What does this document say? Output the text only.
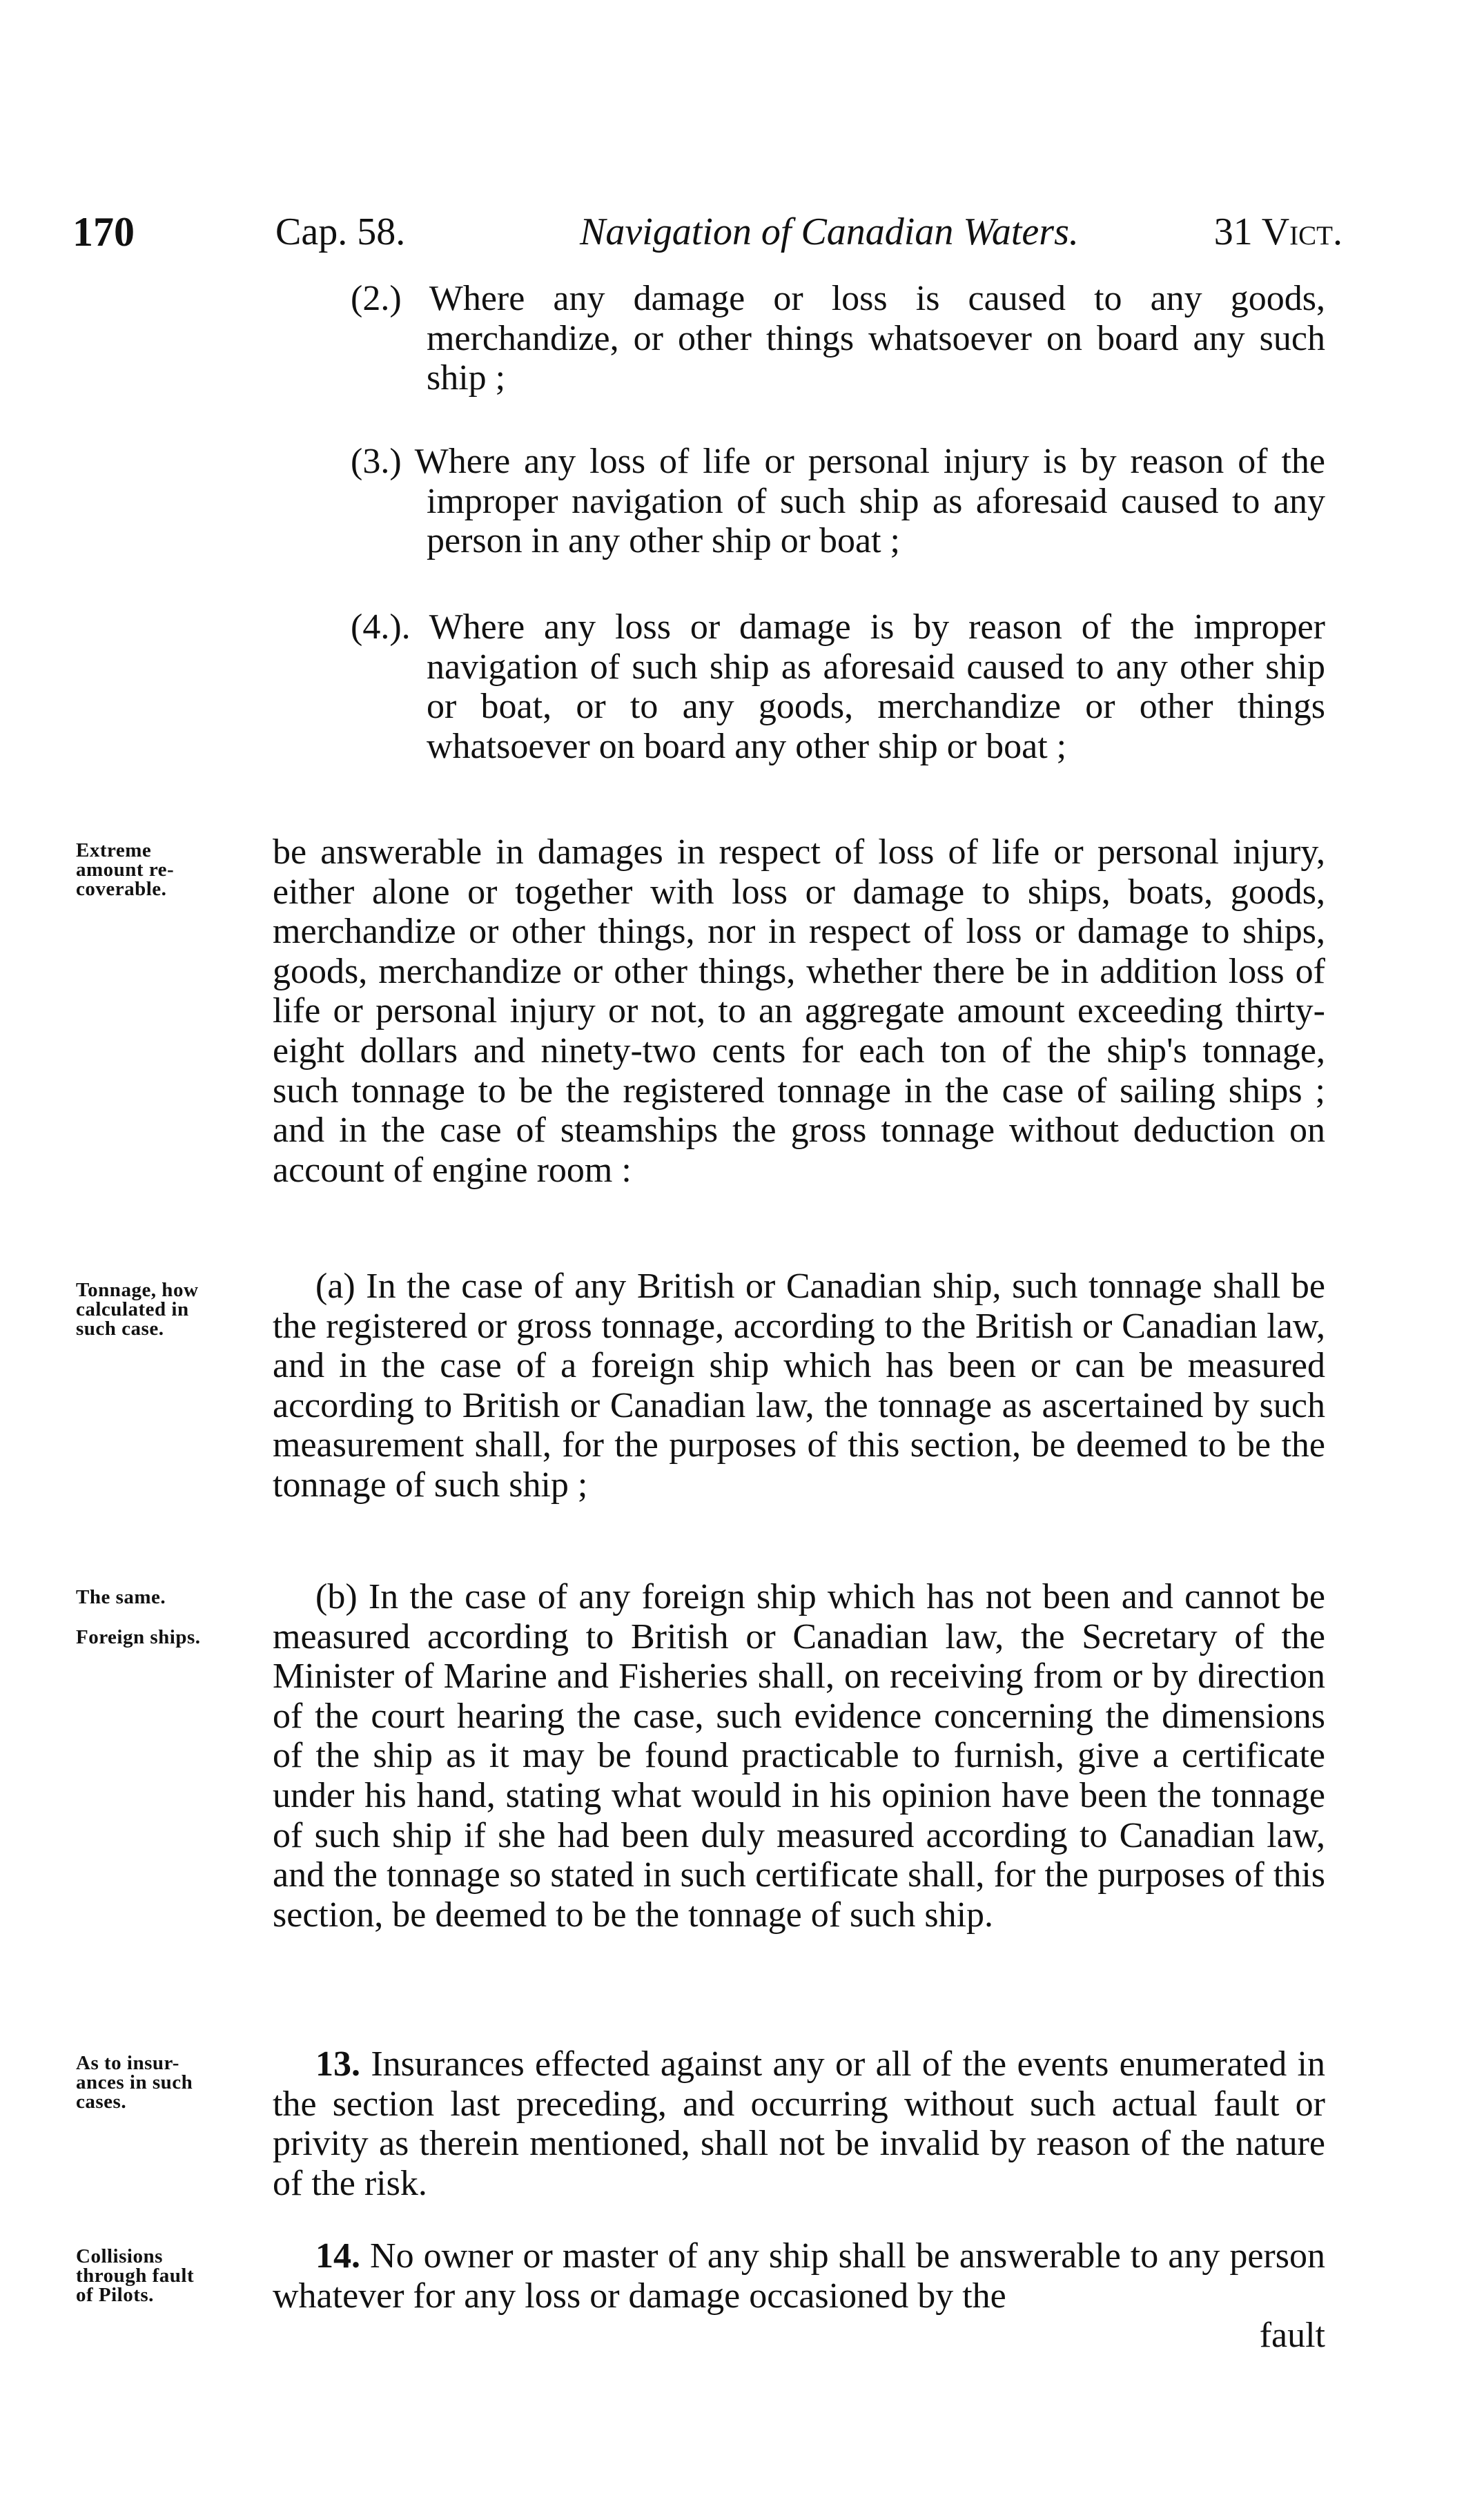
170	Cap. 58.	Navigation of Canadian Waters.	31 Vict.

(2.) Where any damage or loss is caused to any goods, merchandize, or other things whatsoever on board any such ship ;

(3.) Where any loss of life or personal injury is by reason of the improper navigation of such ship as aforesaid caused to any person in any other ship or boat ;

(4.). Where any loss or damage is by reason of the improper navigation of such ship as aforesaid caused to any other ship or boat, or to any goods, merchandize or other things whatsoever on board any other ship or boat ;

Extreme
amount re-
coverable.

be answerable in damages in respect of loss of life or personal injury, either alone or together with loss or damage to ships, boats, goods, merchandize or other things, nor in respect of loss or damage to ships, goods, merchandize or other things, whether there be in addition loss of life or personal injury or not, to an aggregate amount exceeding thirty-eight dollars and ninety-two cents for each ton of the ship's tonnage, such tonnage to be the registered tonnage in the case of sailing ships ; and in the case of steamships the gross tonnage without deduction on account of engine room :

Tonnage, how
calculated in
such case.

(a) In the case of any British or Canadian ship, such tonnage shall be the registered or gross tonnage, according to the British or Canadian law, and in the case of a foreign ship which has been or can be measured according to British or Canadian law, the tonnage as ascertained by such measurement shall, for the purposes of this section, be deemed to be the tonnage of such ship ;

The same.
Foreign ships.

(b) In the case of any foreign ship which has not been and cannot be measured according to British or Canadian law, the Secretary of the Minister of Marine and Fisheries shall, on receiving from or by direction of the court hearing the case, such evidence concerning the dimensions of the ship as it may be found practicable to furnish, give a certificate under his hand, stating what would in his opinion have been the tonnage of such ship if she had been duly measured according to Canadian law, and the tonnage so stated in such certificate shall, for the purposes of this section, be deemed to be the tonnage of such ship.

As to insur-
ances in such
cases.

13. Insurances effected against any or all of the events enumerated in the section last preceding, and occurring without such actual fault or privity as therein mentioned, shall not be invalid by reason of the nature of the risk.

Collisions
through fault
of Pilots.

14. No owner or master of any ship shall be answerable to any person whatever for any loss or damage occasioned by the

fault
